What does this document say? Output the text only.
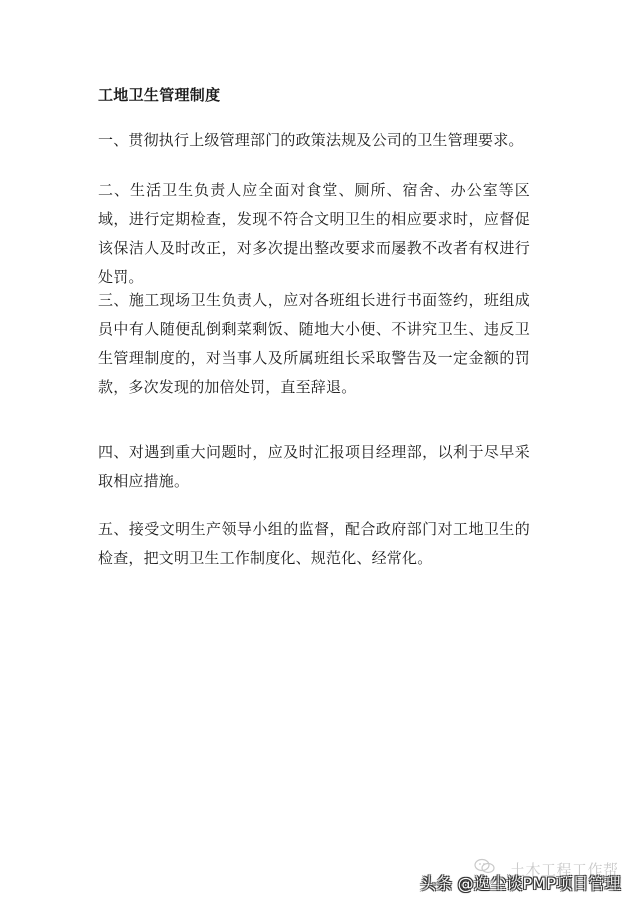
工地卫生管理制度

一、贯彻执行上级管理部门的政策法规及公司的卫生管理要求。

二、生活卫生负责人应全面对食堂、厕所、宿舍、办公室等区域，进行定期检查，发现不符合文明卫生的相应要求时，应督促该保洁人及时改正，对多次提出整改要求而屡教不改者有权进行处罚。

三、施工现场卫生负责人，应对各班组长进行书面签约，班组成员中有人随便乱倒剩菜剩饭、随地大小便、不讲究卫生、违反卫生管理制度的，对当事人及所属班组长采取警告及一定金额的罚款，多次发现的加倍处罚，直至辞退。

四、对遇到重大问题时，应及时汇报项目经理部，以利于尽早采取相应措施。

五、接受文明生产领导小组的监督，配合政府部门对工地卫生的检查，把文明卫生工作制度化、规范化、经常化。

土木工程工作帮
头条 @逸尘谈PMP项目管理
